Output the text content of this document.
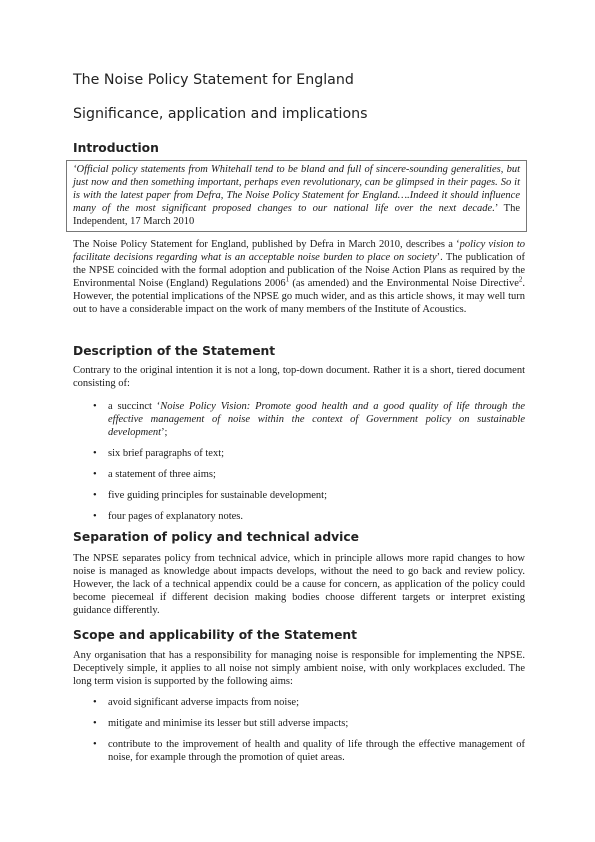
The Noise Policy Statement for England
Significance, application and implications
Introduction
‘Official policy statements from Whitehall tend to be bland and full of sincere-sounding generalities, but just now and then something important, perhaps even revolutionary, can be glimpsed in their pages. So it is with the latest paper from Defra, The Noise Policy Statement for England….Indeed it should influence many of the most significant proposed changes to our national life over the next decade.’ The Independent, 17 March 2010

The Noise Policy Statement for England, published by Defra in March 2010, describes a ‘policy vision to facilitate decisions regarding what is an acceptable noise burden to place on society’. The publication of the NPSE coincided with the formal adoption and publication of the Noise Action Plans as required by the Environmental Noise (England) Regulations 2006$^1$ (as amended) and the Environmental Noise Directive$^2$. However, the potential implications of the NPSE go much wider, and as this article shows, it may well turn out to have a considerable impact on the work of many members of the Institute of Acoustics.

Description of the Statement

Contrary to the original intention it is not a long, top-down document. Rather it is a short, tiered document consisting of:

• a succinct ‘Noise Policy Vision: Promote good health and a good quality of life through the effective management of noise within the context of Government policy on sustainable development’;
• six brief paragraphs of text;
• a statement of three aims;
• five guiding principles for sustainable development;
• four pages of explanatory notes.
Separation of policy and technical advice

The NPSE separates policy from technical advice, which in principle allows more rapid changes to how noise is managed as knowledge about impacts develops, without the need to go back and review policy. However, the lack of a technical appendix could be a cause for concern, as application of the policy could become piecemeal if different decision making bodies choose different targets or interpret existing guidance differently.

Scope and applicability of the Statement

Any organisation that has a responsibility for managing noise is responsible for implementing the NPSE. Deceptively simple, it applies to all noise not simply ambient noise, with only workplaces excluded. The long term vision is supported by the following aims:

• avoid significant adverse impacts from noise;
• mitigate and minimise its lesser but still adverse impacts;
• contribute to the improvement of health and quality of life through the effective management of noise, for example through the promotion of quiet areas.
